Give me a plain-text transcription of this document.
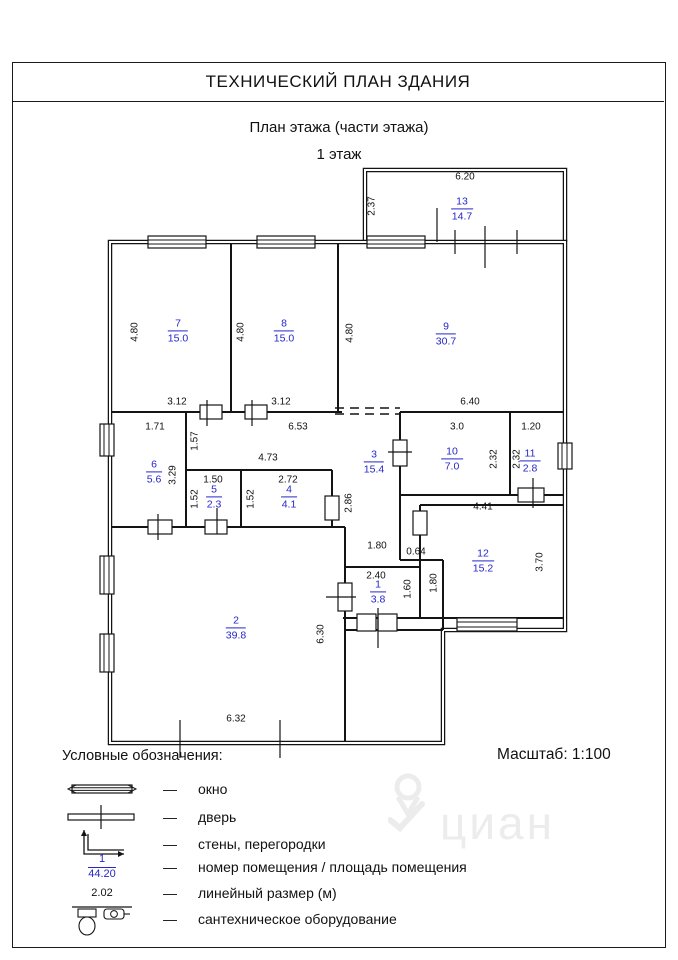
циан
ТЕХНИЧЕСКИЙ ПЛАН ЗДАНИЯ
План этажа (части этажа)
1 этаж
13
14.7
7
15.0
8
15.0
9
30.7
6
5.6
3
15.4
10
7.0
11
2.8
5
2.3
4
4.1
12
15.2
1
3.8
2
39.8
6.20
3.12	3.12	6.40
1.71	6.53	3.0	1.20
4.73
1.50	2.72
4.41
1.80
0.64
2.40
6.32
2.37
4.80	4.80	4.80
1.57
3.29
1.52	1.52
2.32 2.32
2.86
3.70
1.80
1.60
6.30
Масштаб: 1:100
Условные обозначения:
—	окно
—	дверь
—	стены, перегородки
$\frac{1}{44.20}$	—	номер помещения / площадь помещения
2.02	—	линейный размер (м)
—	сантехническое оборудование
